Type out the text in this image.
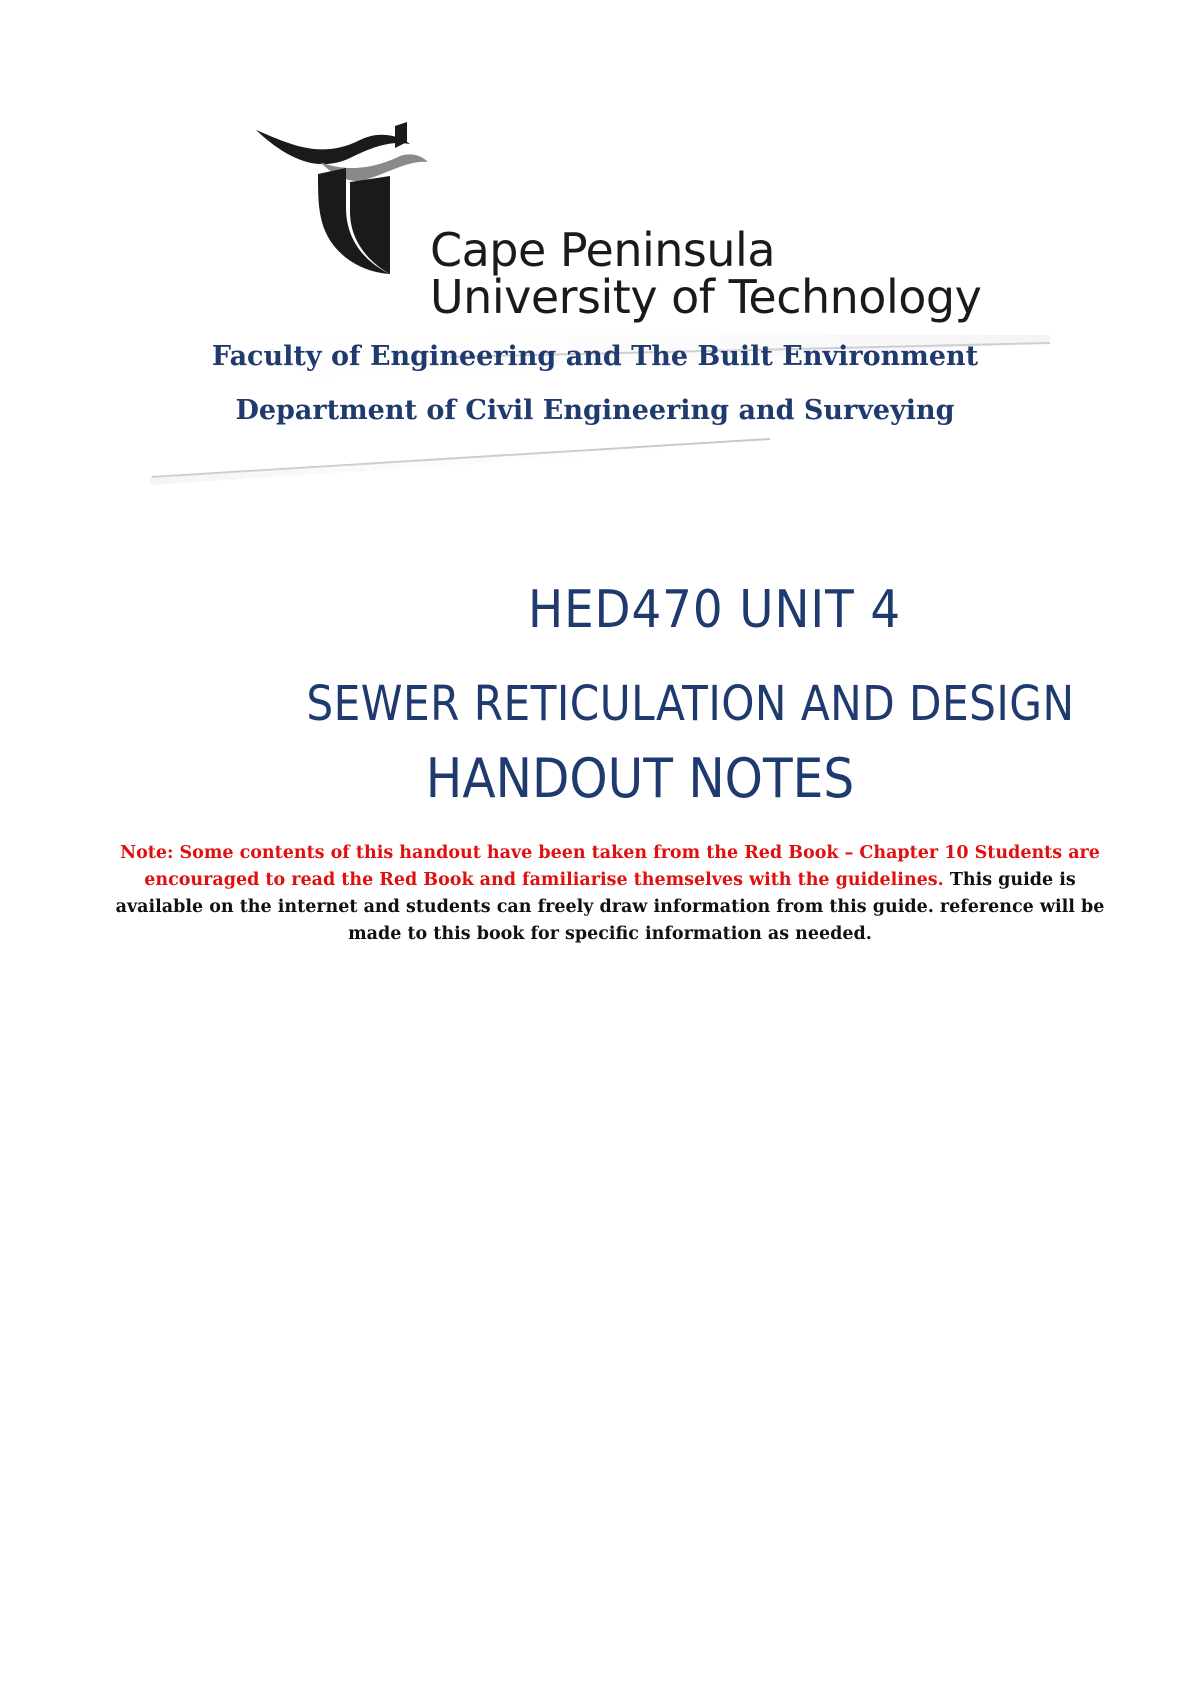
Cape Peninsula
University of Technology
Faculty of Engineering and The Built Environment
Department of Civil Engineering and Surveying
HED470 UNIT 4
SEWER RETICULATION AND DESIGN
HANDOUT NOTES
Note: Some contents of this handout have been taken from the Red Book – Chapter 10 Students are encouraged to read the Red Book and familiarise themselves with the guidelines. This guide is available on the internet and students can freely draw information from this guide. reference will be made to this book for specific information as needed.
